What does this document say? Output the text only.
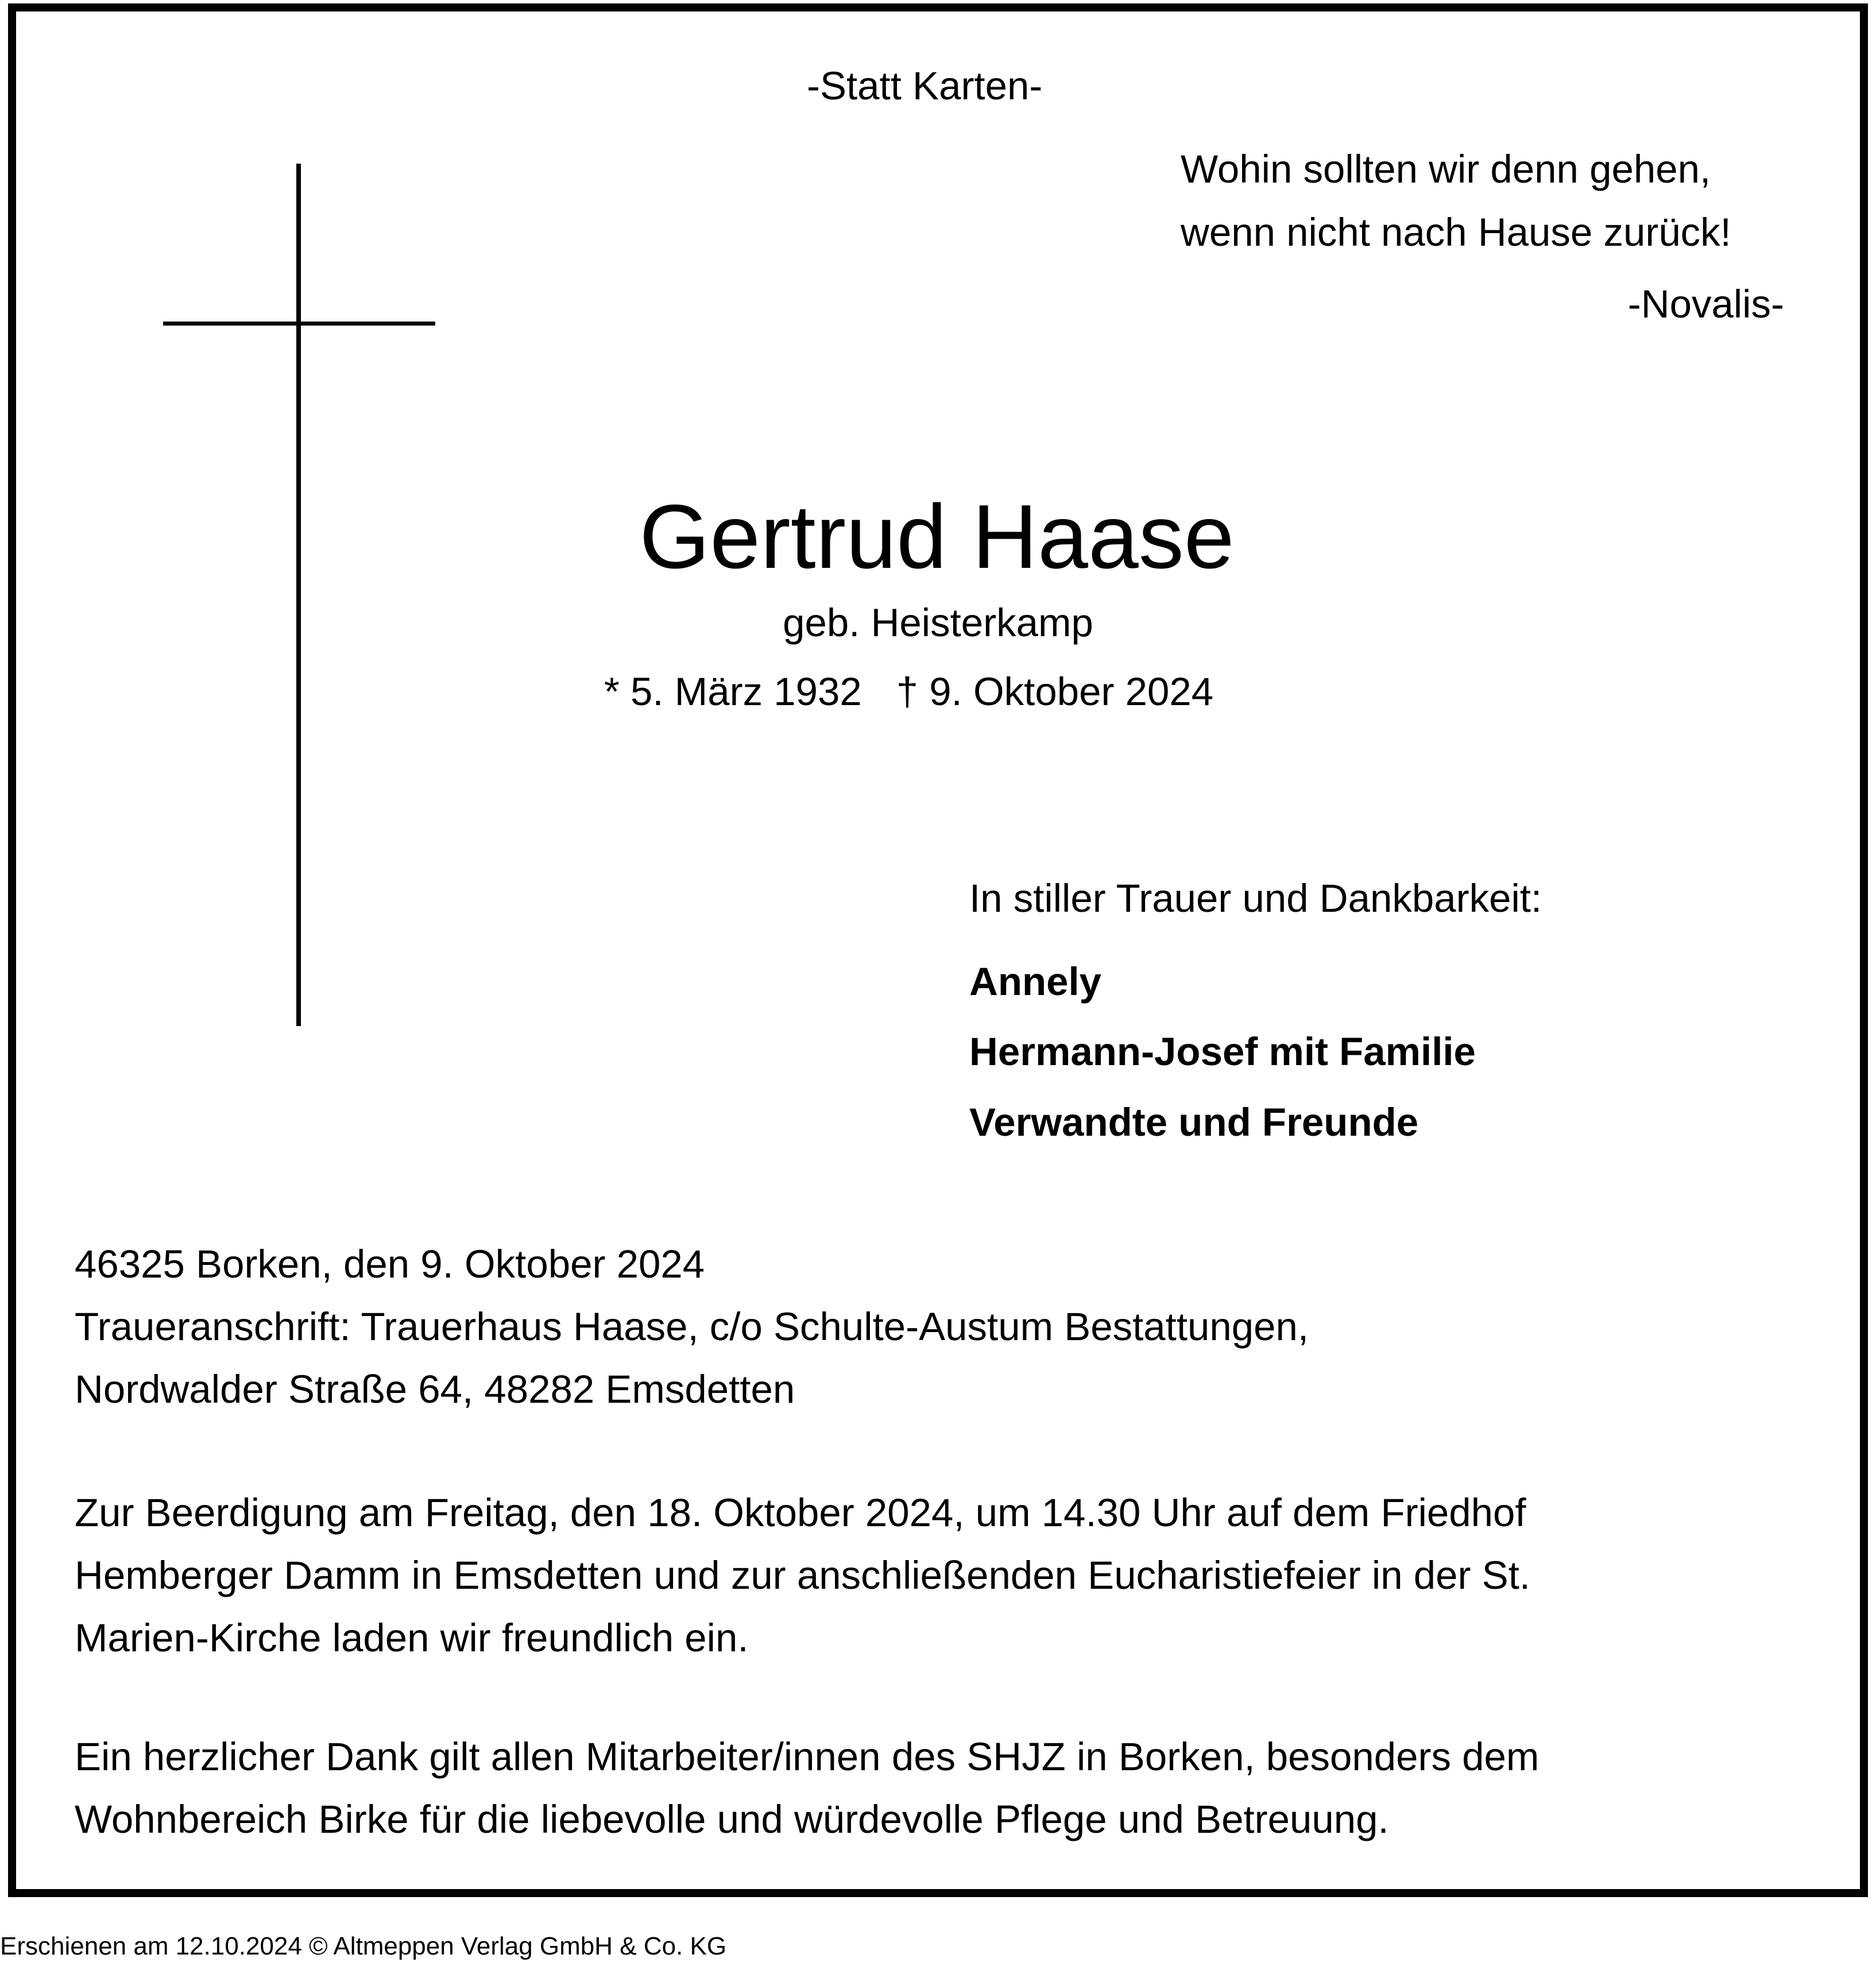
-Statt Karten-
Wohin sollten wir denn gehen,
wenn nicht nach Hause zurück!
-Novalis-
Gertrud Haase
geb. Heisterkamp
* 5. März 1932 † 9. Oktober 2024
In stiller Trauer und Dankbarkeit:
Annely
Hermann-Josef mit Familie
Verwandte und Freunde
46325 Borken, den 9. Oktober 2024
Traueranschrift: Trauerhaus Haase, c/o Schulte-Austum Bestattungen,
Nordwalder Straße 64, 48282 Emsdetten
Zur Beerdigung am Freitag, den 18. Oktober 2024, um 14.30 Uhr auf dem Friedhof
Hemberger Damm in Emsdetten und zur anschließenden Eucharistiefeier in der St.
Marien-Kirche laden wir freundlich ein.
Ein herzlicher Dank gilt allen Mitarbeiter/innen des SHJZ in Borken, besonders dem
Wohnbereich Birke für die liebevolle und würdevolle Pflege und Betreuung.
Erschienen am 12.10.2024 © Altmeppen Verlag GmbH & Co. KG
